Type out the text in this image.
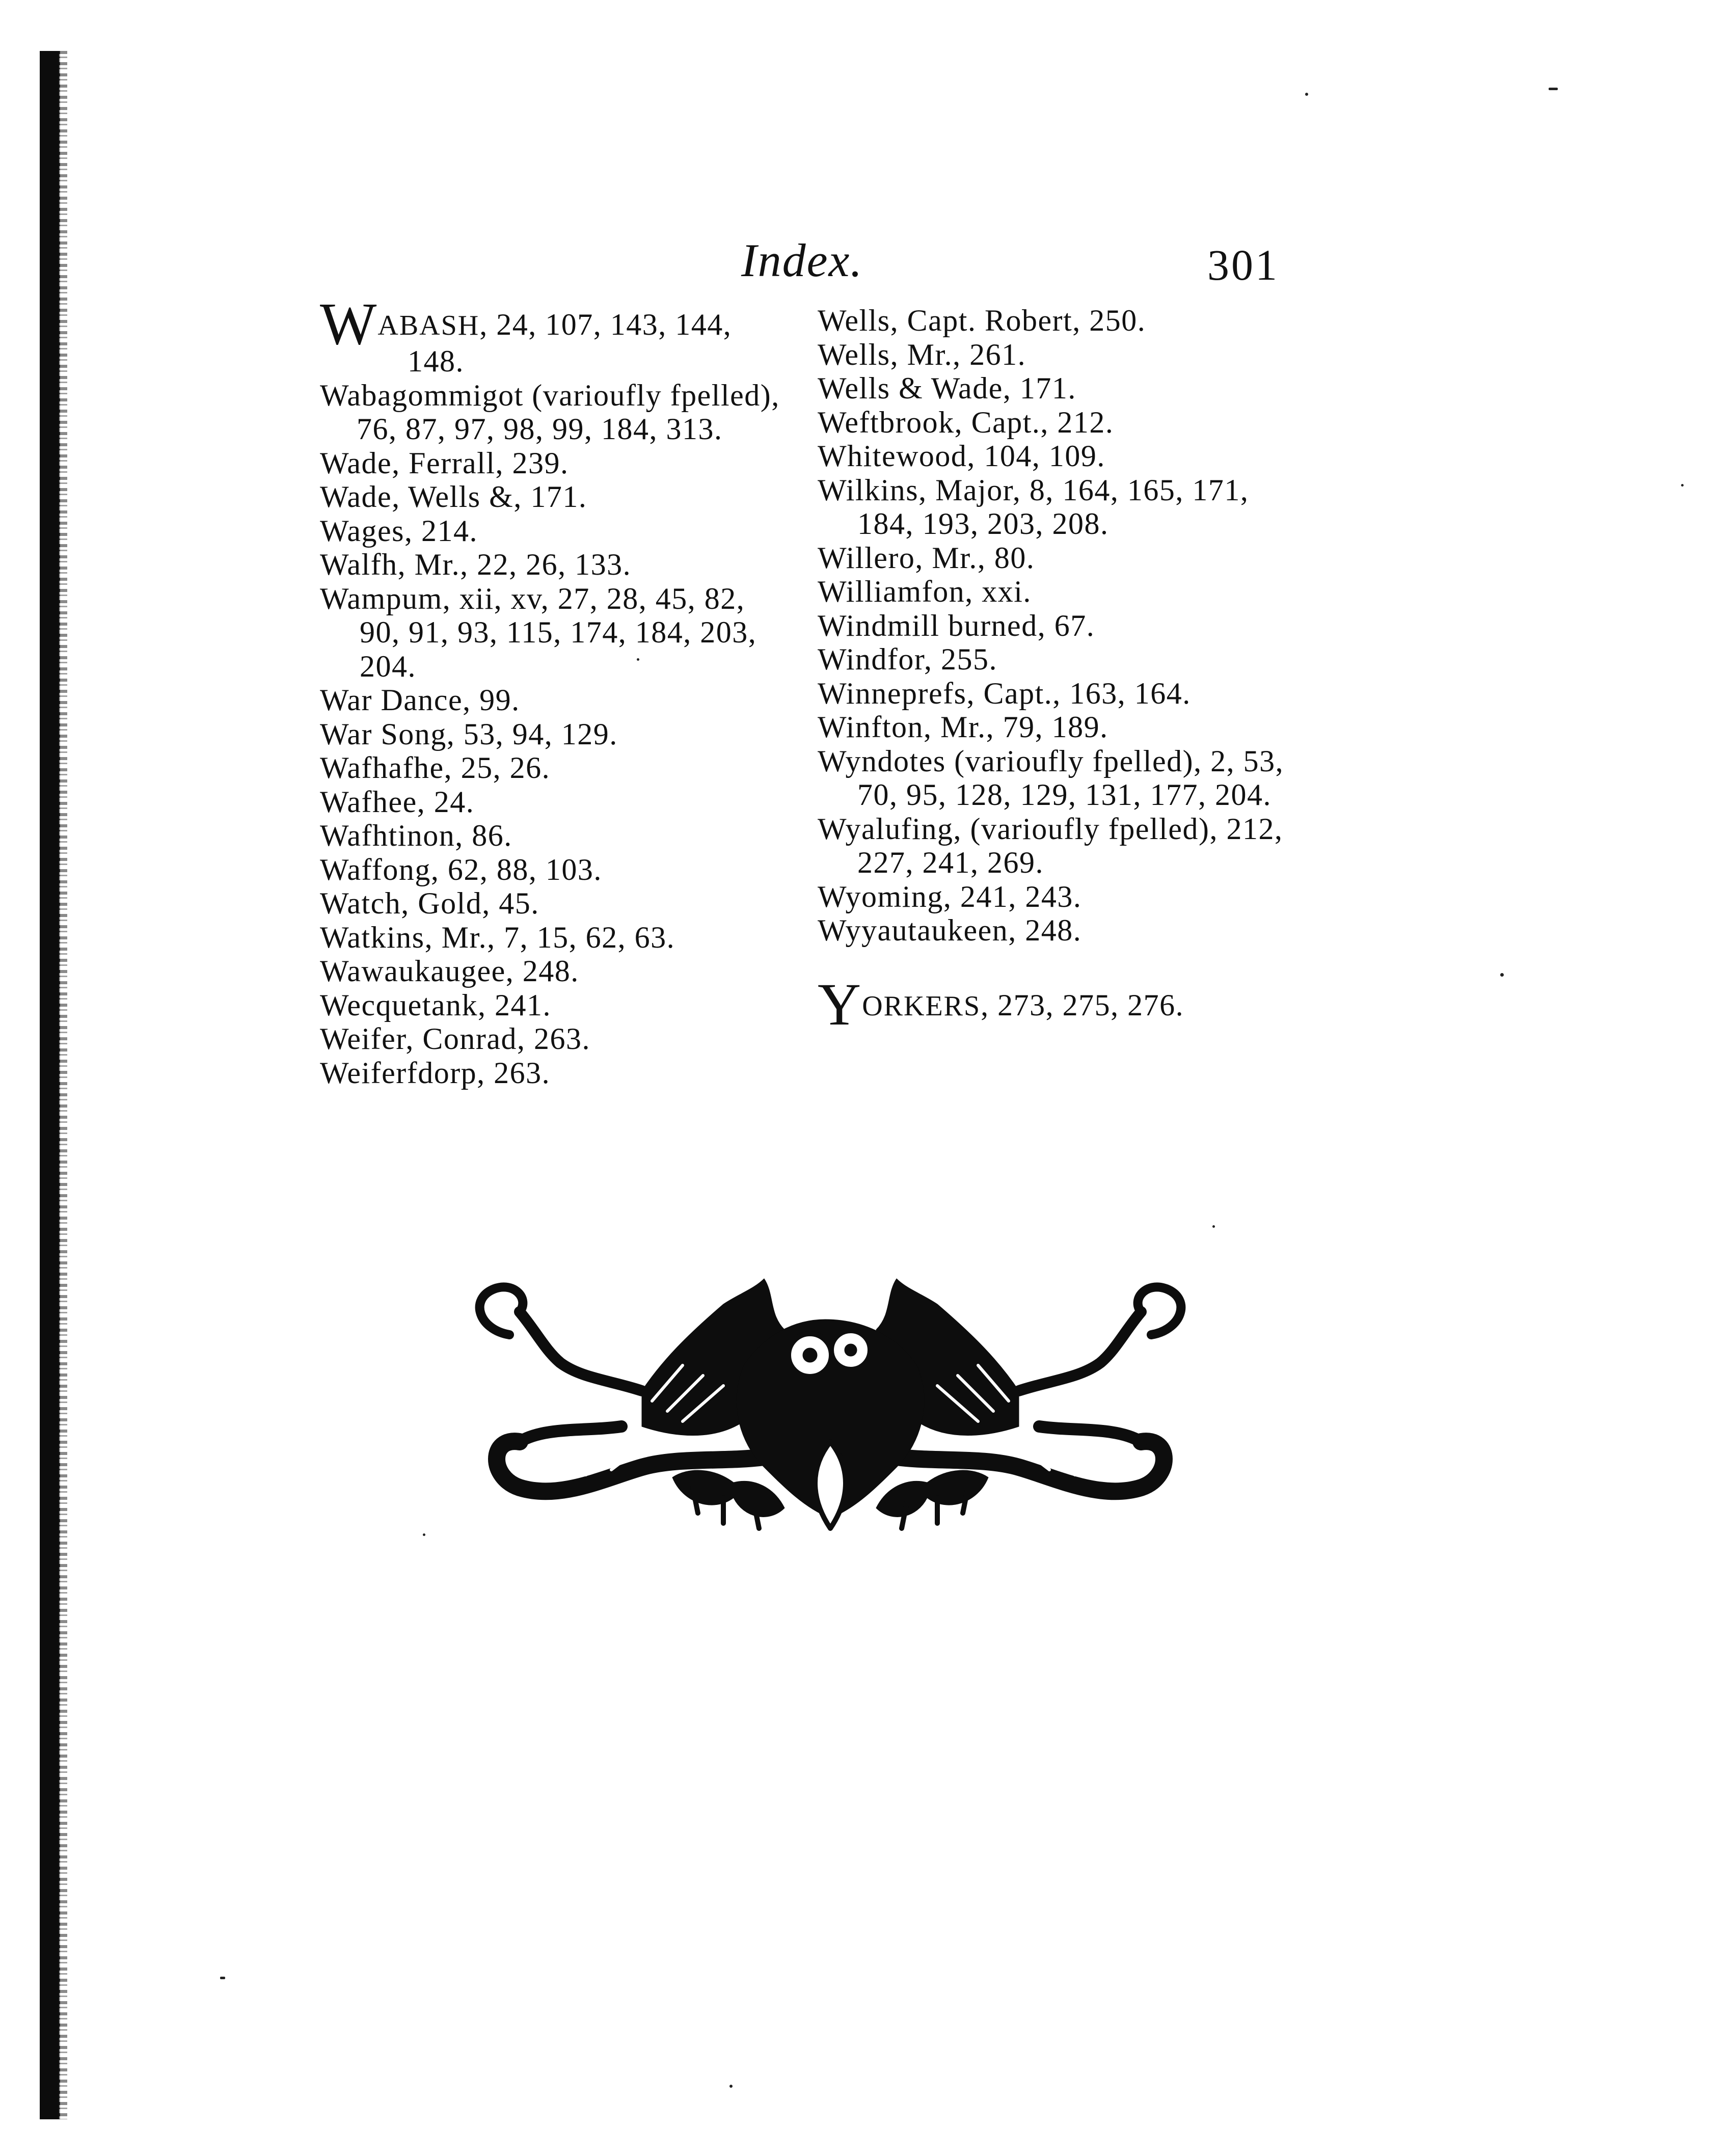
Index.	301
WABASH, 24, 107, 143, 144,
148.
Wabagommigot (varioufly fpelled),
76, 87, 97, 98, 99, 184, 313.
Wade, Ferrall, 239.
Wade, Wells &, 171.
Wages, 214.
Walfh, Mr., 22, 26, 133.
Wampum, xii, xv, 27, 28, 45, 82,
90, 91, 93, 115, 174, 184, 203,
204.
War Dance, 99.
War Song, 53, 94, 129.
Wafhafhe, 25, 26.
Wafhee, 24.
Wafhtinon, 86.
Waffong, 62, 88, 103.
Watch, Gold, 45.
Watkins, Mr., 7, 15, 62, 63.
Wawaukaugee, 248.
Wecquetank, 241.
Weifer, Conrad, 263.
Weiferfdorp, 263.
Wells, Capt. Robert, 250.
Wells, Mr., 261.
Wells & Wade, 171.
Weftbrook, Capt., 212.
Whitewood, 104, 109.
Wilkins, Major, 8, 164, 165, 171,
184, 193, 203, 208.
Willero, Mr., 80.
Williamfon, xxi.
Windmill burned, 67.
Windfor, 255.
Winneprefs, Capt., 163, 164.
Winfton, Mr., 79, 189.
Wyndotes (varioufly fpelled), 2, 53,
70, 95, 128, 129, 131, 177, 204.
Wyalufing, (varioufly fpelled), 212,
227, 241, 269.
Wyoming, 241, 243.
Wyyautaukeen, 248.
YORKERS, 273, 275, 276.
